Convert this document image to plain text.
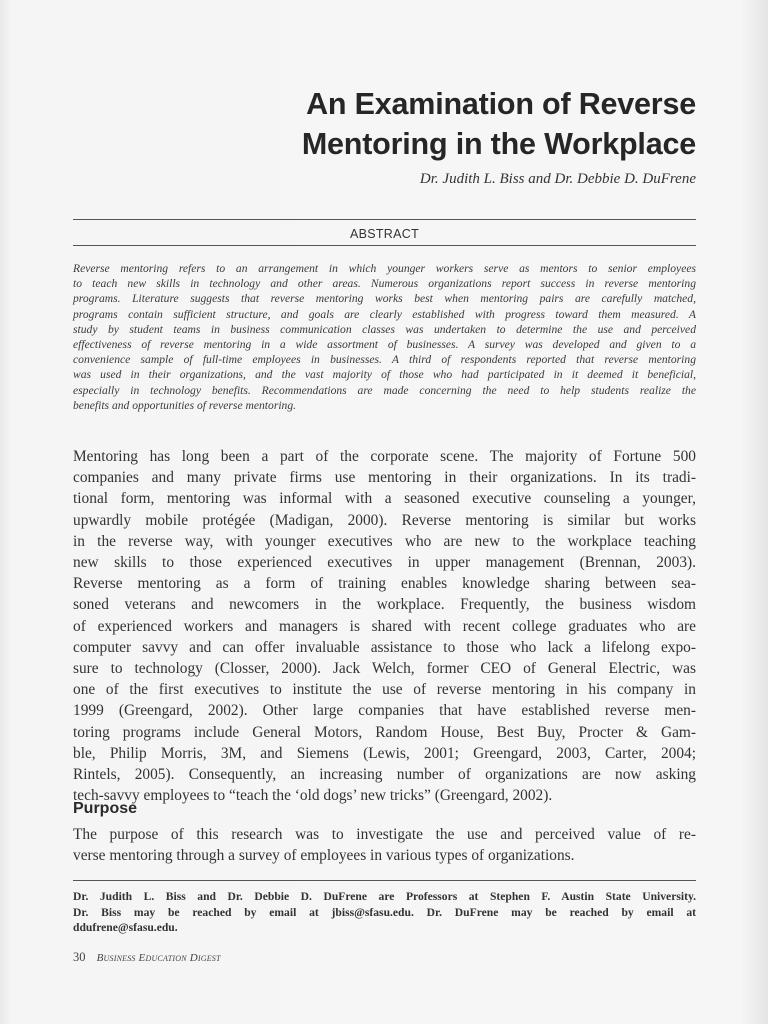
An Examination of Reverse
Mentoring in the Workplace
Dr. Judith L. Biss and Dr. Debbie D. DuFrene
ABSTRACT
Reverse mentoring refers to an arrangement in which younger workers serve as mentors to senior employees
to teach new skills in technology and other areas. Numerous organizations report success in reverse mentoring
programs. Literature suggests that reverse mentoring works best when mentoring pairs are carefully matched,
programs contain sufficient structure, and goals are clearly established with progress toward them measured. A
study by student teams in business communication classes was undertaken to determine the use and perceived
effectiveness of reverse mentoring in a wide assortment of businesses. A survey was developed and given to a
convenience sample of full-time employees in businesses. A third of respondents reported that reverse mentoring
was used in their organizations, and the vast majority of those who had participated in it deemed it beneficial,
especially in technology benefits. Recommendations are made concerning the need to help students realize the
benefits and opportunities of reverse mentoring.
Mentoring has long been a part of the corporate scene. The majority of Fortune 500
companies and many private firms use mentoring in their organizations. In its tradi-
tional form, mentoring was informal with a seasoned executive counseling a younger,
upwardly mobile protégée (Madigan, 2000). Reverse mentoring is similar but works
in the reverse way, with younger executives who are new to the workplace teaching
new skills to those experienced executives in upper management (Brennan, 2003).
Reverse mentoring as a form of training enables knowledge sharing between sea-
soned veterans and newcomers in the workplace. Frequently, the business wisdom
of experienced workers and managers is shared with recent college graduates who are
computer savvy and can offer invaluable assistance to those who lack a lifelong expo-
sure to technology (Closser, 2000). Jack Welch, former CEO of General Electric, was
one of the first executives to institute the use of reverse mentoring in his company in
1999 (Greengard, 2002). Other large companies that have established reverse men-
toring programs include General Motors, Random House, Best Buy, Procter & Gam-
ble, Philip Morris, 3M, and Siemens (Lewis, 2001; Greengard, 2003, Carter, 2004;
Rintels, 2005). Consequently, an increasing number of organizations are now asking
tech-savvy employees to “teach the ‘old dogs’ new tricks” (Greengard, 2002).
Purpose
The purpose of this research was to investigate the use and perceived value of re-
verse mentoring through a survey of employees in various types of organizations.
Dr. Judith L. Biss and Dr. Debbie D. DuFrene are Professors at Stephen F. Austin State University.
Dr. Biss may be reached by email at jbiss@sfasu.edu. Dr. DuFrene may be reached by email at
ddufrene@sfasu.edu.
30 Business Education Digest
